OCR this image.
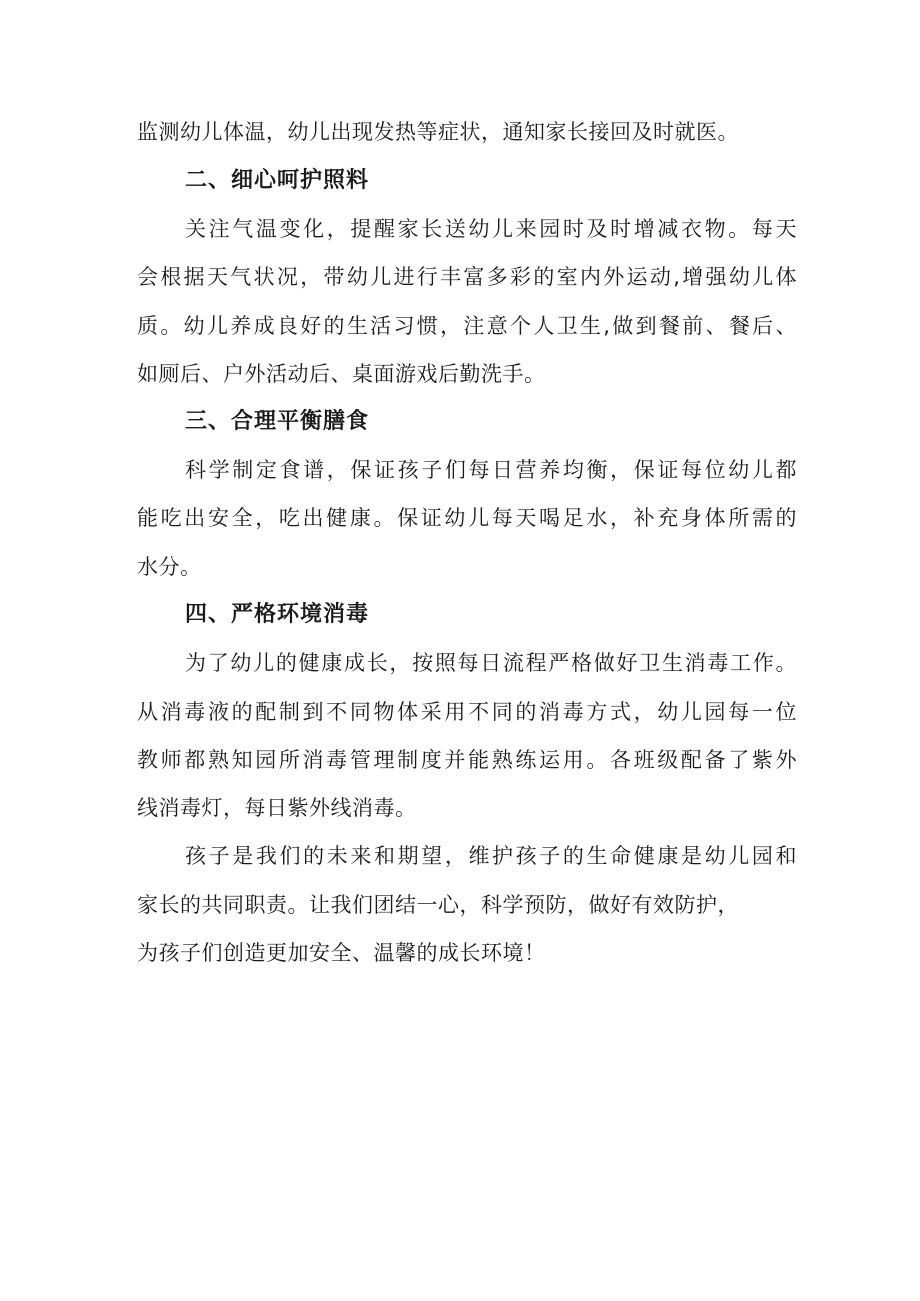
监测幼儿体温，幼儿出现发热等症状，通知家长接回及时就医。
二、细心呵护照料
关注气温变化，提醒家长送幼儿来园时及时增减衣物。每天
会根据天气状况，带幼儿进行丰富多彩的室内外运动,增强幼儿体
质。幼儿养成良好的生活习惯，注意个人卫生,做到餐前、餐后、
如厕后、户外活动后、桌面游戏后勤洗手。
三、合理平衡膳食
科学制定食谱，保证孩子们每日营养均衡，保证每位幼儿都
能吃出安全，吃出健康。保证幼儿每天喝足水，补充身体所需的
水分。
四、严格环境消毒
为了幼儿的健康成长，按照每日流程严格做好卫生消毒工作。
从消毒液的配制到不同物体采用不同的消毒方式，幼儿园每一位
教师都熟知园所消毒管理制度并能熟练运用。各班级配备了紫外
线消毒灯，每日紫外线消毒。
孩子是我们的未来和期望，维护孩子的生命健康是幼儿园和
家长的共同职责。让我们团结一心，科学预防，做好有效防护，
为孩子们创造更加安全、温馨的成长环境！
